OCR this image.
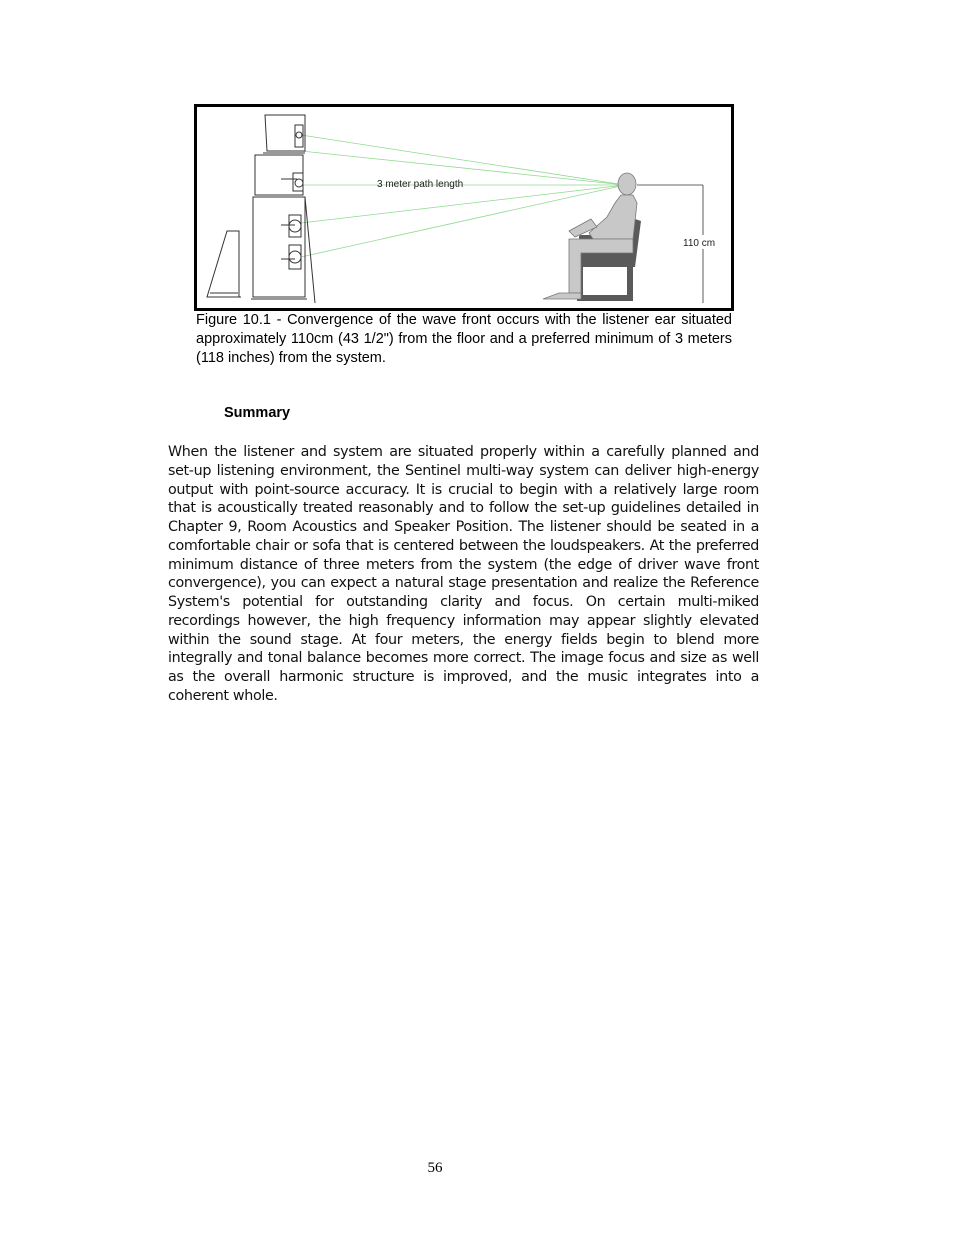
3 meter path length
110 cm
Figure 10.1 - Convergence of the wave front occurs with the listener ear situated approximately 110cm (43 1/2") from the floor and a preferred minimum of 3 meters (118 inches) from the system.
Summary
When the listener and system are situated properly within a carefully planned and set-up listening environment, the Sentinel multi-way system can deliver high-energy output with point-source accuracy. It is crucial to begin with a relatively large room that is acoustically treated reasonably and to follow the set-up guidelines detailed in Chapter 9, Room Acoustics and Speaker Position. The listener should be seated in a comfortable chair or sofa that is centered between the loudspeakers. At the preferred minimum distance of three meters from the system (the edge of driver wave front convergence), you can expect a natural stage presentation and realize the Reference System's potential for outstanding clarity and focus. On certain multi-miked recordings however, the high frequency information may appear slightly elevated within the sound stage. At four meters, the energy fields begin to blend more integrally and tonal balance becomes more correct. The image focus and size as well as the overall harmonic structure is improved, and the music integrates into a coherent whole.
56
